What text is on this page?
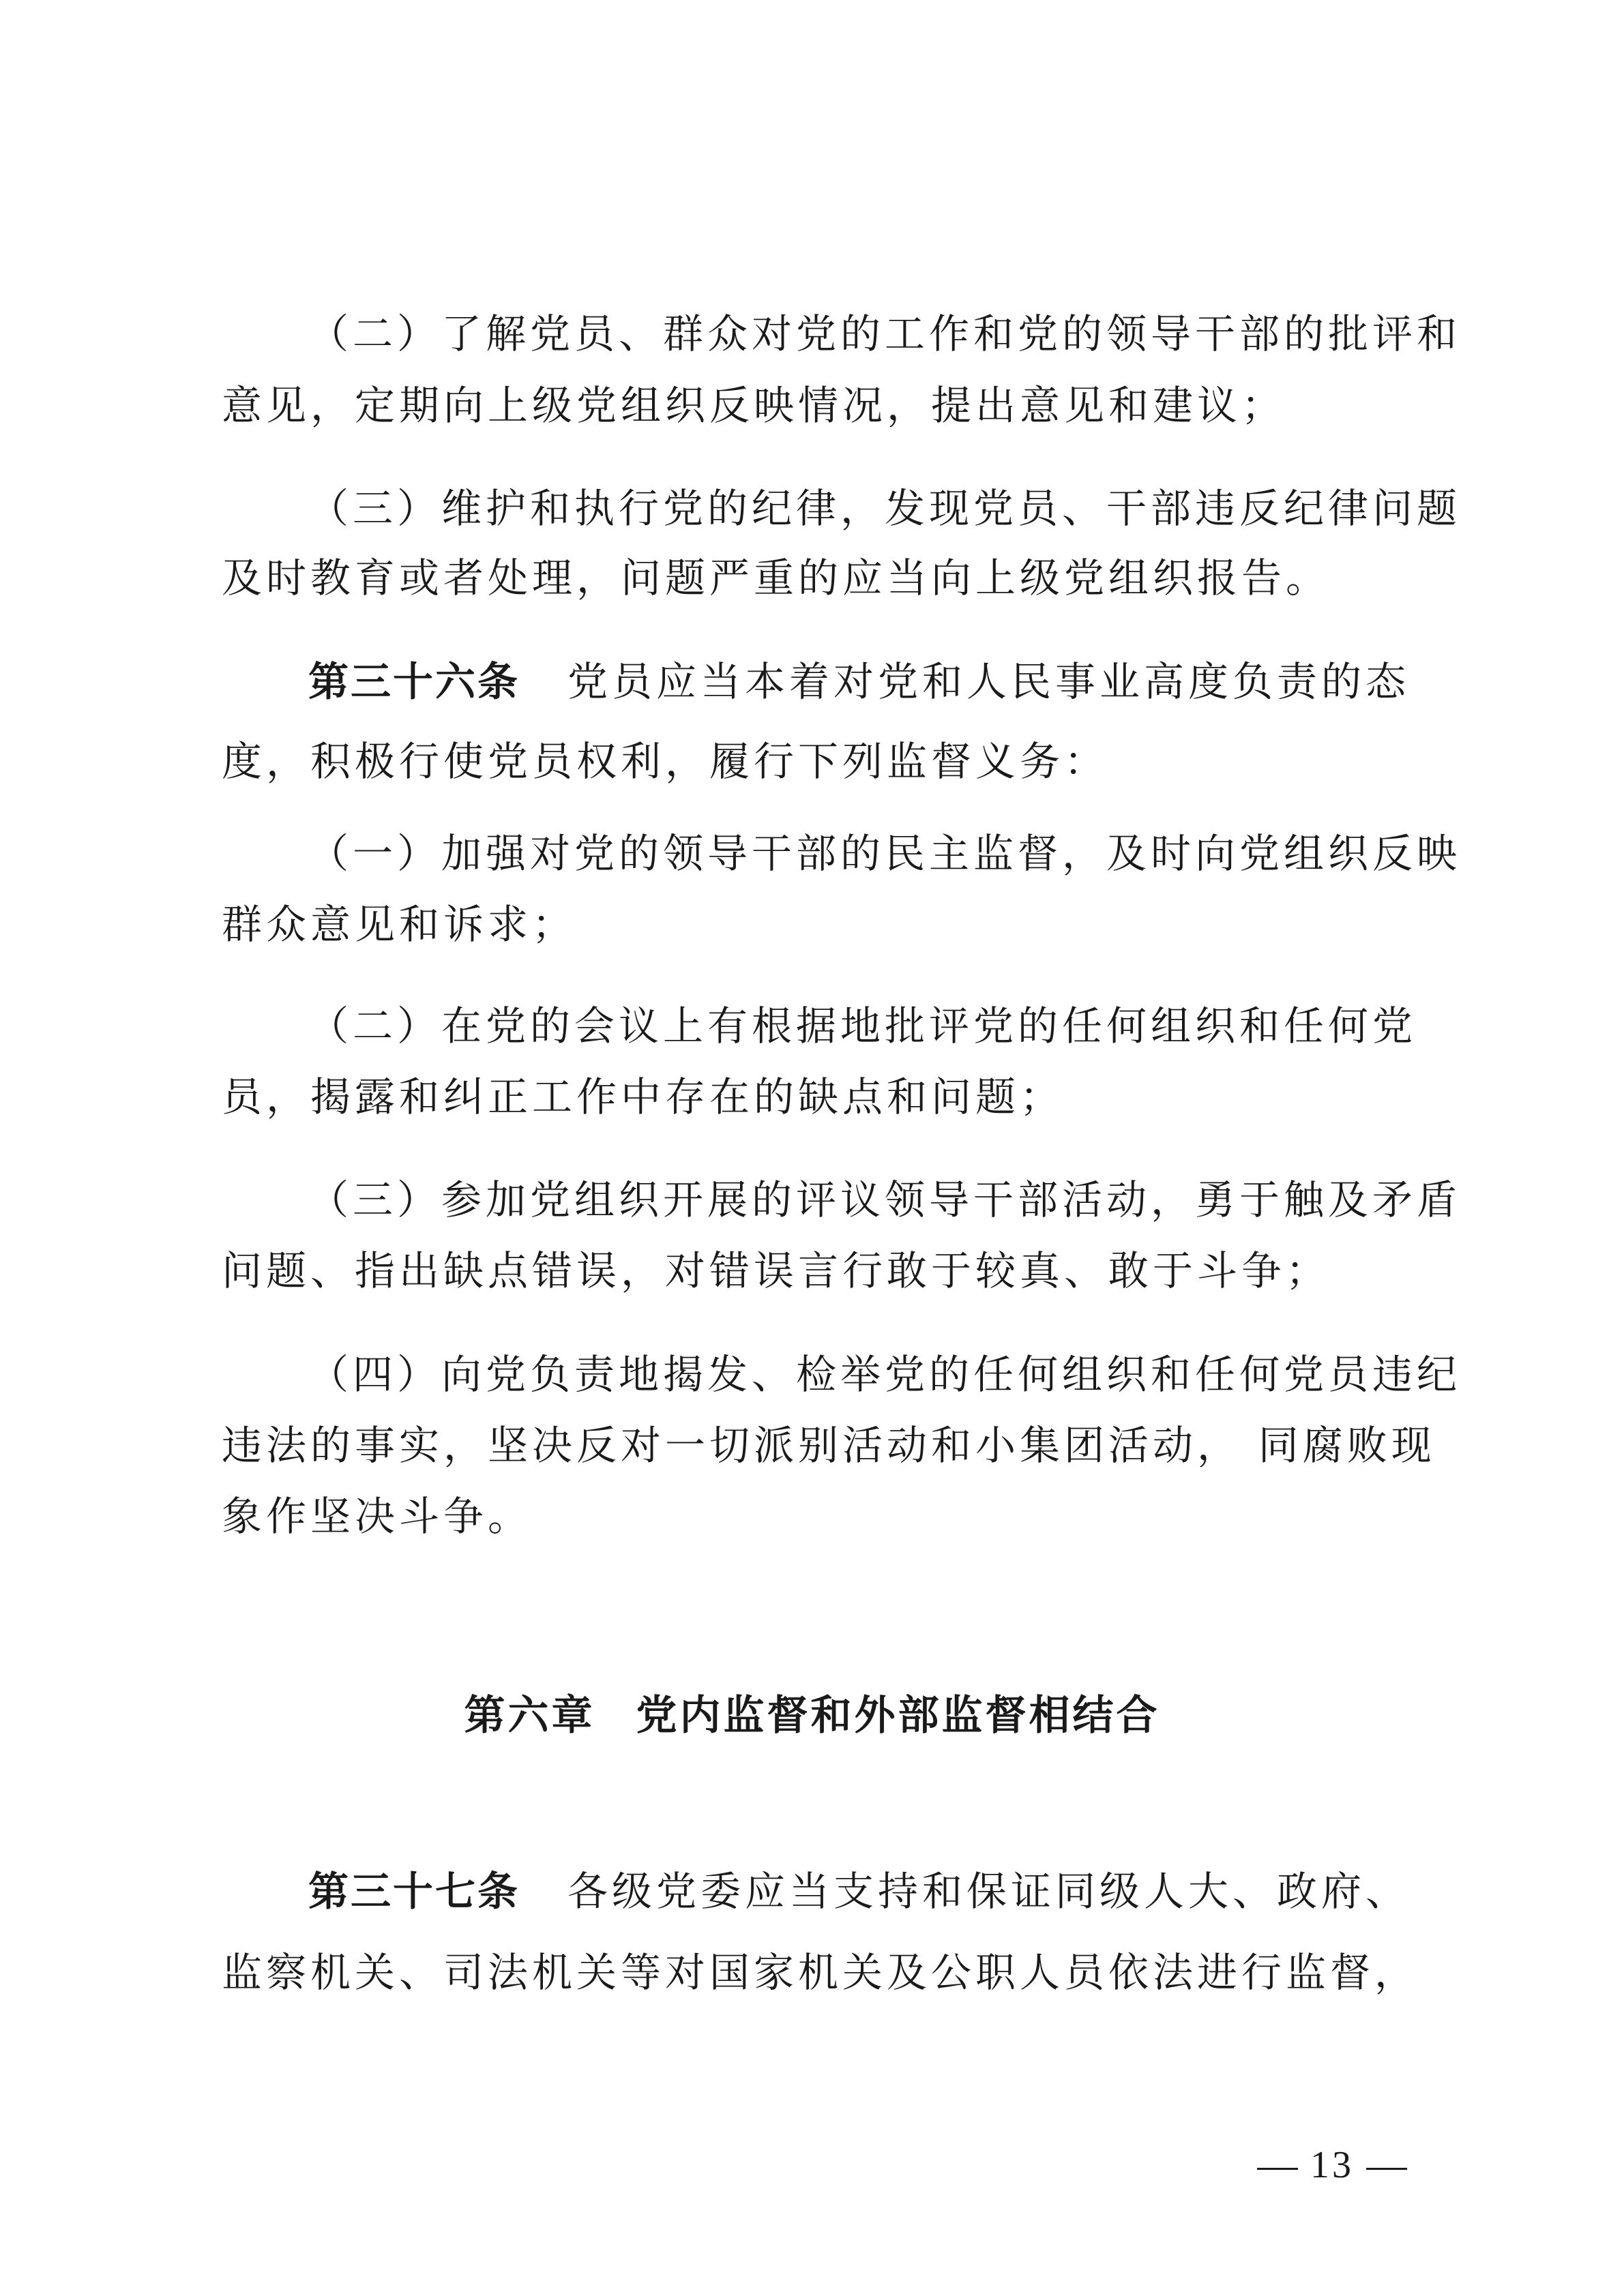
（二）了解党员、群众对党的工作和党的领导干部的批评和
意见，定期向上级党组织反映情况，提出意见和建议；
（三）维护和执行党的纪律，发现党员、干部违反纪律问题
及时教育或者处理，问题严重的应当向上级党组织报告。
第三十六条 党员应当本着对党和人民事业高度负责的态
度，积极行使党员权利，履行下列监督义务：
（一）加强对党的领导干部的民主监督，及时向党组织反映
群众意见和诉求；
（二）在党的会议上有根据地批评党的任何组织和任何党
员，揭露和纠正工作中存在的缺点和问题；
（三）参加党组织开展的评议领导干部活动，勇于触及矛盾
问题、指出缺点错误，对错误言行敢于较真、敢于斗争；
（四）向党负责地揭发、检举党的任何组织和任何党员违纪
违法的事实，坚决反对一切派别活动和小集团活动， 同腐败现
象作坚决斗争。
第六章 党内监督和外部监督相结合
第三十七条 各级党委应当支持和保证同级人大、政府、
监察机关、司法机关等对国家机关及公职人员依法进行监督，
13
